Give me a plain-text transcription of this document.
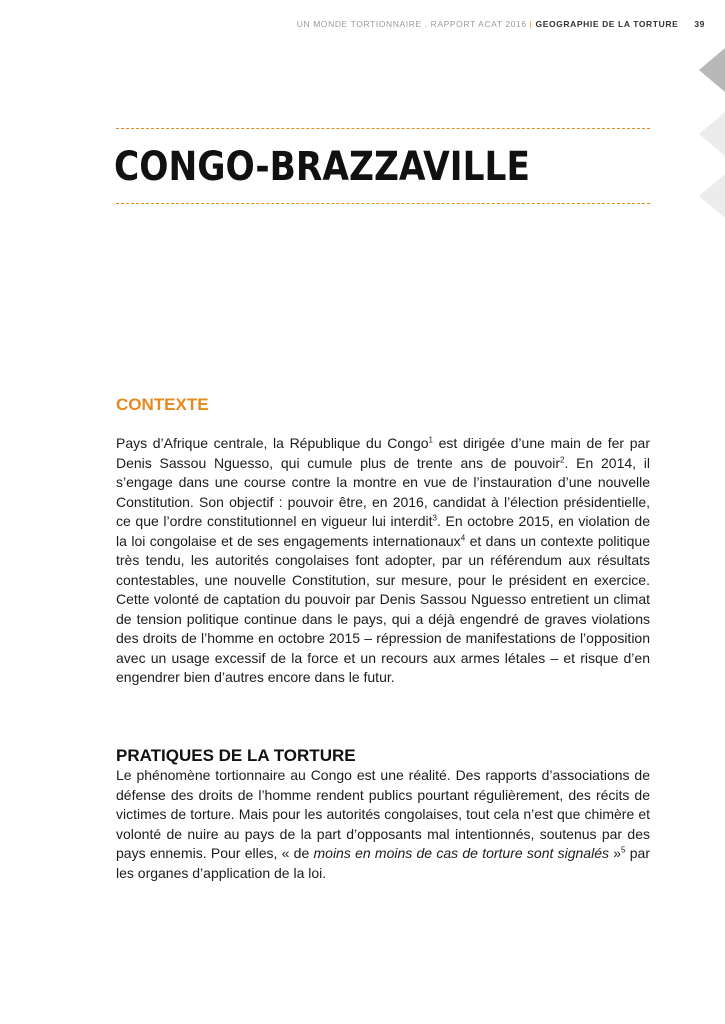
UN MONDE TORTIONNAIRE . RAPPORT ACAT 2016 | GEOGRAPHIE DE LA TORTURE 39
CONGO-BRAZZAVILLE
CONTEXTE

Pays d’Afrique centrale, la République du Congo$^1$ est dirigée d’une main de fer par Denis Sassou Nguesso, qui cumule plus de trente ans de pouvoir$^2$. En 2014, il s’engage dans une course contre la montre en vue de l’instauration d’une nouvelle Constitution. Son objectif : pouvoir être, en 2016, candidat à l’élection présidentielle, ce que l’ordre constitutionnel en vigueur lui interdit$^3$. En octobre 2015, en violation de la loi congolaise et de ses engagements internationaux$^4$ et dans un contexte politique très tendu, les autorités congolaises font adopter, par un référendum aux résultats contestables, une nouvelle Constitution, sur mesure, pour le président en exercice. Cette volonté de captation du pouvoir par Denis Sassou Nguesso entretient un climat de tension politique continue dans le pays, qui a déjà engendré de graves violations des droits de l’homme en octobre 2015 – répression de manifestations de l’opposition avec un usage excessif de la force et un recours aux armes létales – et risque d’en engendrer bien d’autres encore dans le futur.

PRATIQUES DE LA TORTURE

Le phénomène tortionnaire au Congo est une réalité. Des rapports d’associations de défense des droits de l’homme rendent publics pourtant régulièrement, des récits de victimes de torture. Mais pour les autorités congolaises, tout cela n’est que chimère et volonté de nuire au pays de la part d’opposants mal intentionnés, soutenus par des pays ennemis. Pour elles, « de moins en moins de cas de torture sont signalés »$^5$ par les organes d’application de la loi.
